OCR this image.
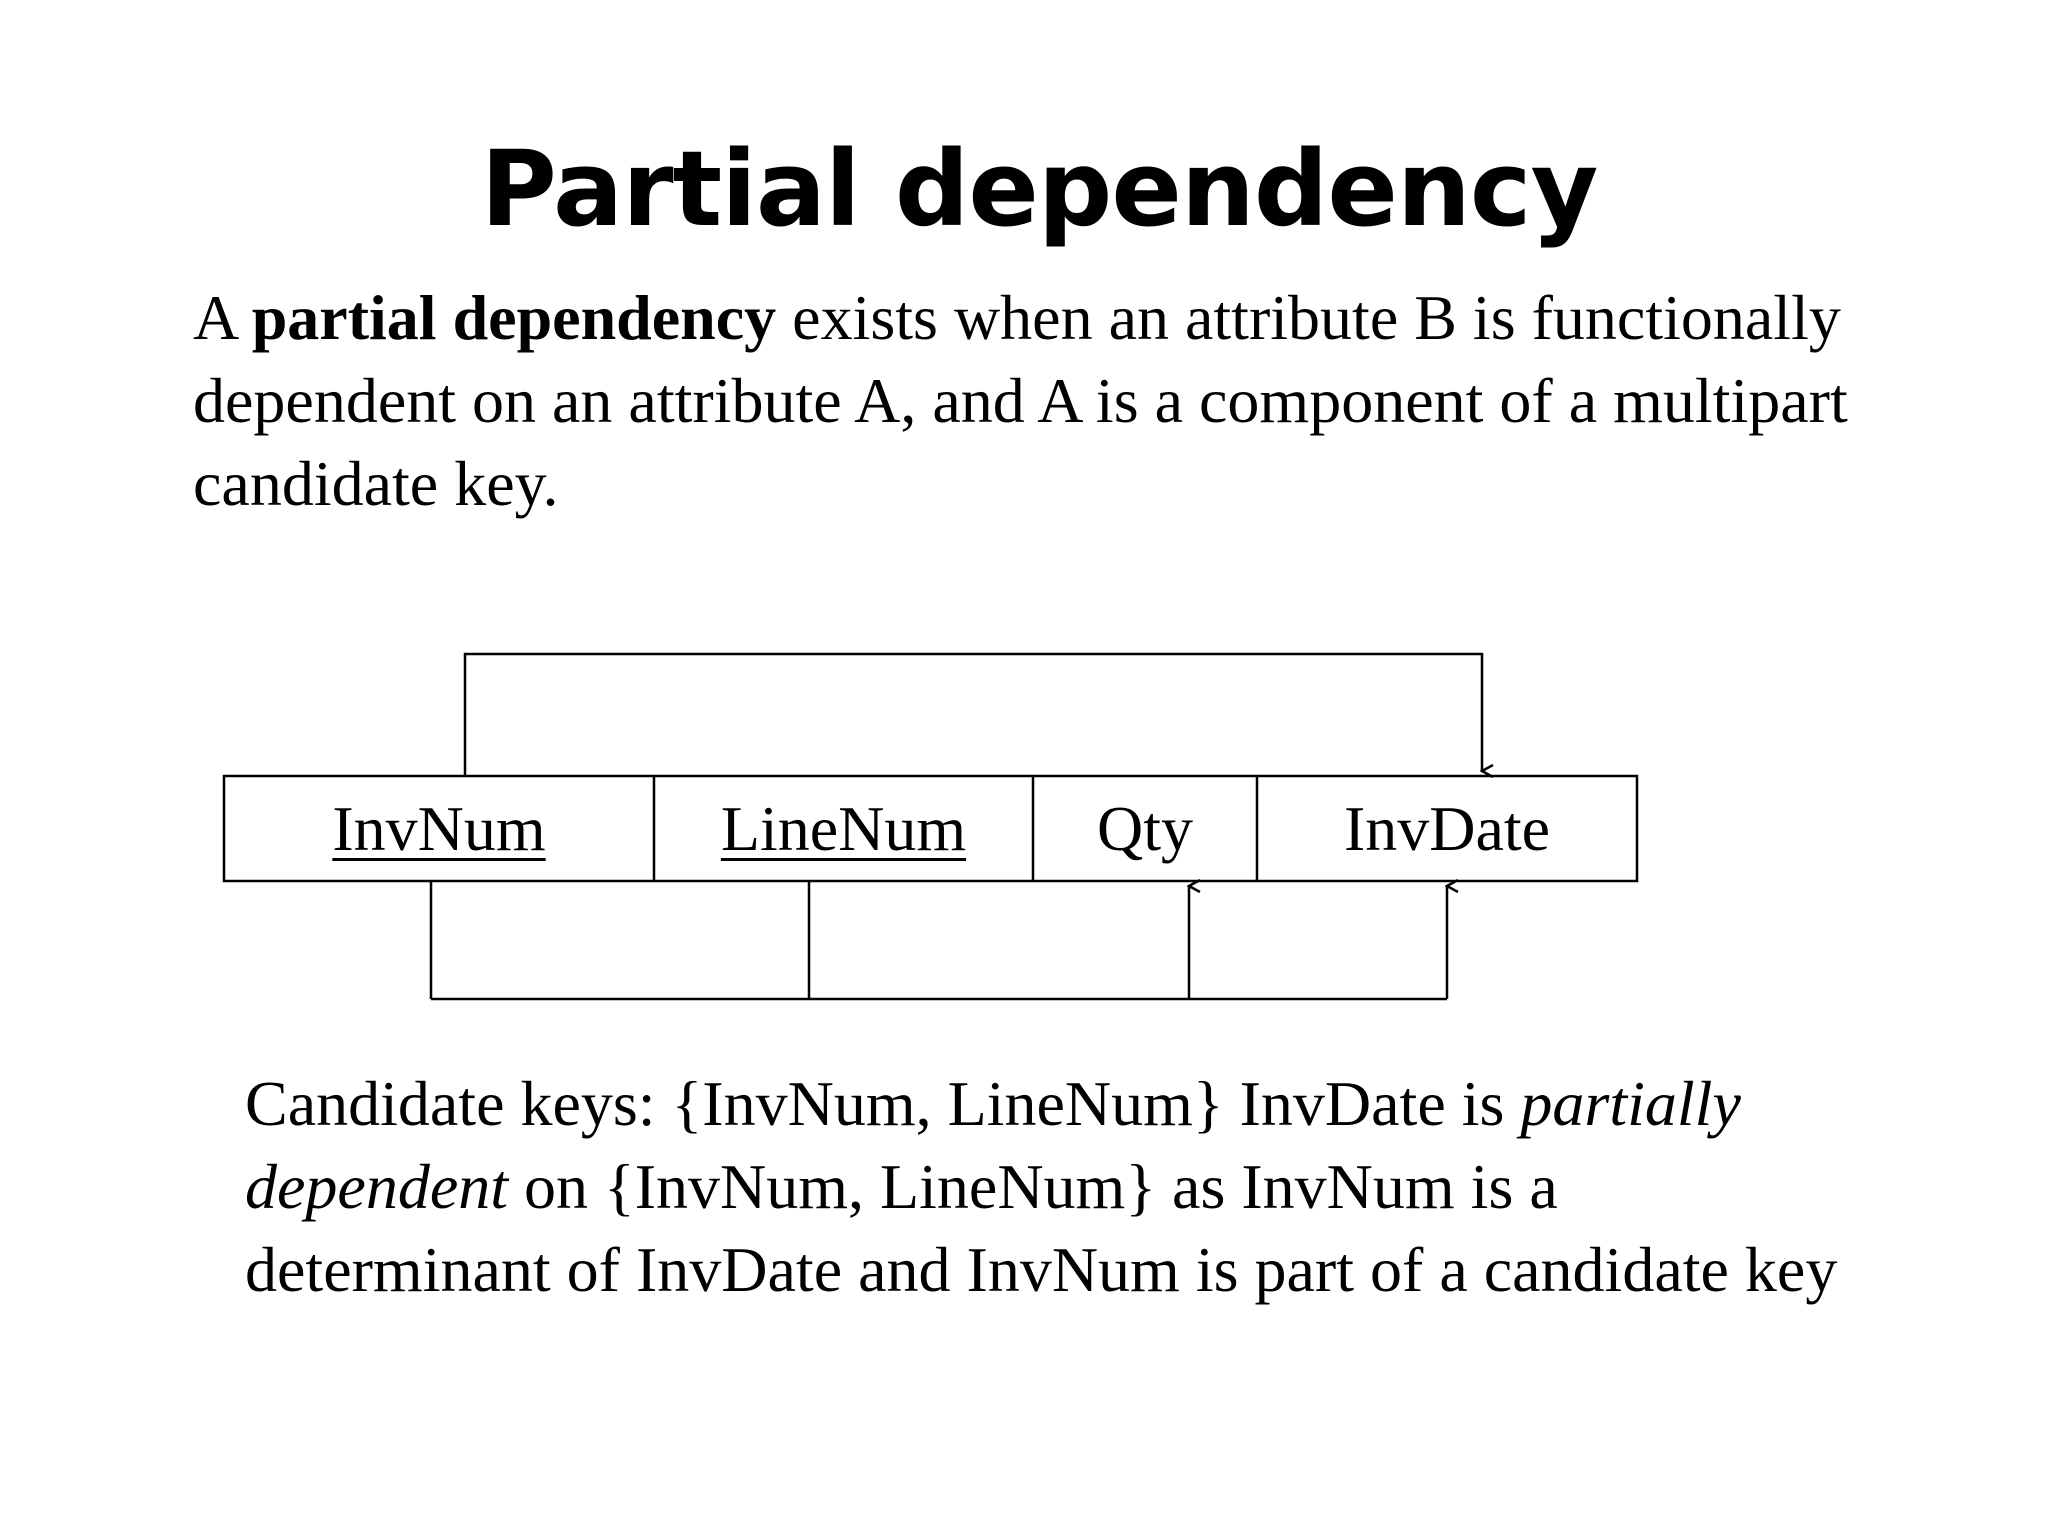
Partial dependency

A partial dependency exists when an attribute B is functionally dependent on an attribute A, and A is a component of a multipart candidate key.

InvNum	LineNum Qty InvDate

Candidate keys: {InvNum, LineNum} InvDate is partially dependent on {InvNum, LineNum} as InvNum is a determinant of InvDate and InvNum is part of a candidate key
